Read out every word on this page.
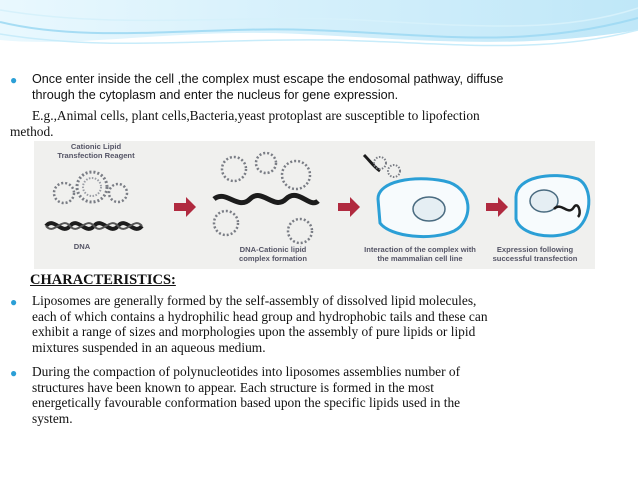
● Once enter inside the cell ,the complex must escape the endosomal pathway, diffuse
through the cytoplasm and enter the nucleus for gene expression.
E.g.,Animal cells, plant cells,Bacteria,yeast protoplast are susceptible to lipofection
method.
Cationic Lipid
Transfection Reagent
DNA	DNA-Cationic lipid
complex formation
Interaction of the complex with
the mammalian cell line
Expression following
successful transfection
CHARACTERISTICS:
● Liposomes are generally formed by the self-assembly of dissolved lipid molecules,
each of which contains a hydrophilic head group and hydrophobic tails and these can
exhibit a range of sizes and morphologies upon the assembly of pure lipids or lipid
mixtures suspended in an aqueous medium.
● During the compaction of polynucleotides into liposomes assemblies number of
structures have been known to appear. Each structure is formed in the most
energetically favourable conformation based upon the specific lipids used in the
system.
